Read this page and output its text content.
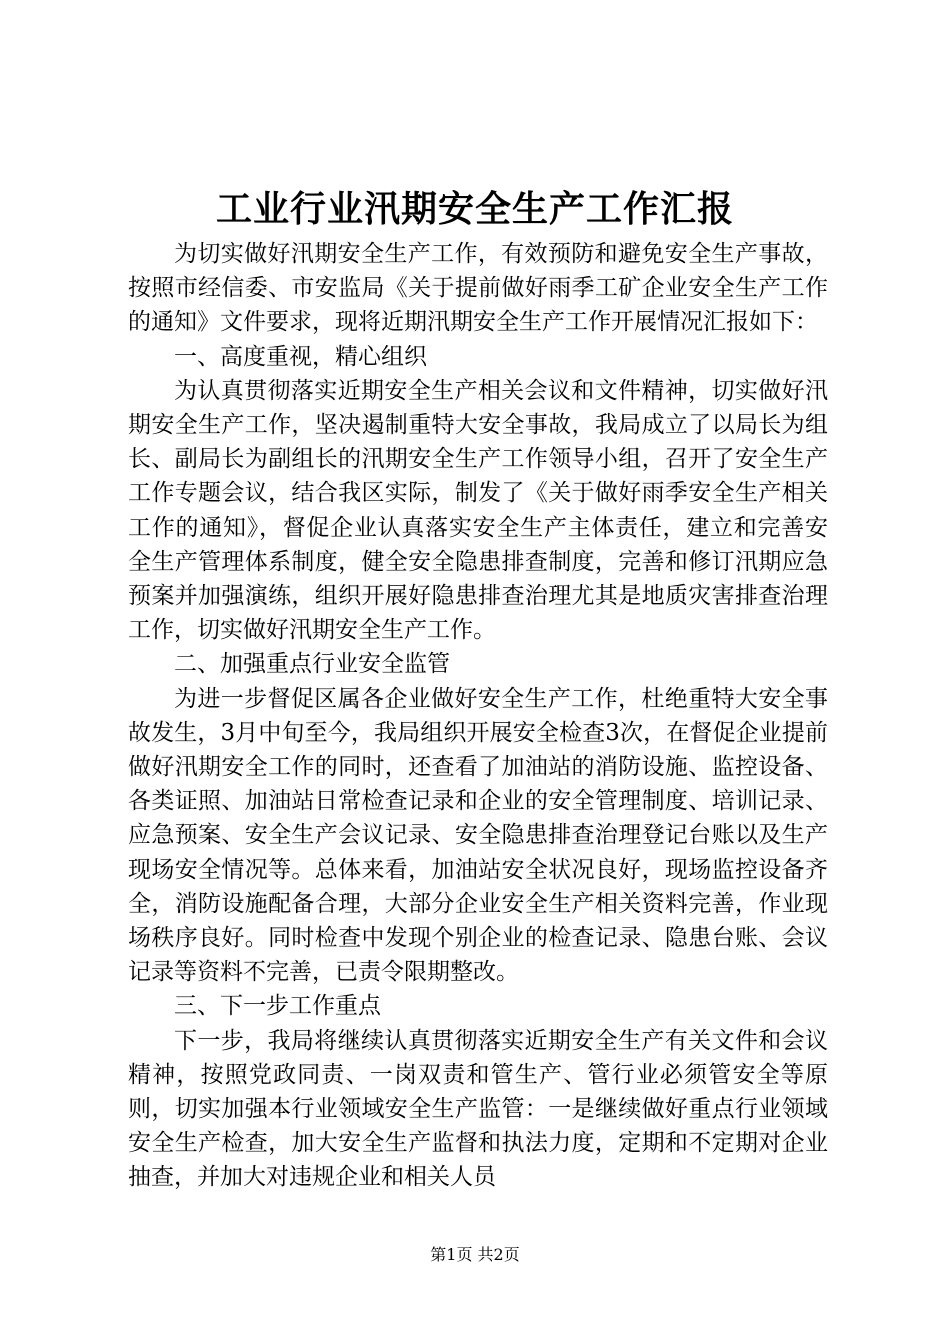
工业行业汛期安全生产工作汇报

为切实做好汛期安全生产工作，有效预防和避免安全生产事故，按照市经信委、市安监局《关于提前做好雨季工矿企业安全生产工作的通知》文件要求，现将近期汛期安全生产工作开展情况汇报如下：

一、高度重视，精心组织

为认真贯彻落实近期安全生产相关会议和文件精神，切实做好汛期安全生产工作，坚决遏制重特大安全事故，我局成立了以局长为组长、副局长为副组长的汛期安全生产工作领导小组，召开了安全生产工作专题会议，结合我区实际，制发了《关于做好雨季安全生产相关工作的通知》，督促企业认真落实安全生产主体责任，建立和完善安全生产管理体系制度，健全安全隐患排查制度，完善和修订汛期应急预案并加强演练，组织开展好隐患排查治理尤其是地质灾害排查治理工作，切实做好汛期安全生产工作。

二、加强重点行业安全监管

为进一步督促区属各企业做好安全生产工作，杜绝重特大安全事故发生，3月中旬至今，我局组织开展安全检查3次，在督促企业提前做好汛期安全工作的同时，还查看了加油站的消防设施、监控设备、各类证照、加油站日常检查记录和企业的安全管理制度、培训记录、应急预案、安全生产会议记录、安全隐患排查治理登记台账以及生产现场安全情况等。总体来看，加油站安全状况良好，现场监控设备齐全，消防设施配备合理，大部分企业安全生产相关资料完善，作业现场秩序良好。同时检查中发现个别企业的检查记录、隐患台账、会议记录等资料不完善，已责令限期整改。

三、下一步工作重点

下一步，我局将继续认真贯彻落实近期安全生产有关文件和会议精神，按照党政同责、一岗双责和管生产、管行业必须管安全等原则，切实加强本行业领域安全生产监管：一是继续做好重点行业领域安全生产检查，加大安全生产监督和执法力度，定期和不定期对企业抽查，并加大对违规企业和相关人员

第1页 共2页
